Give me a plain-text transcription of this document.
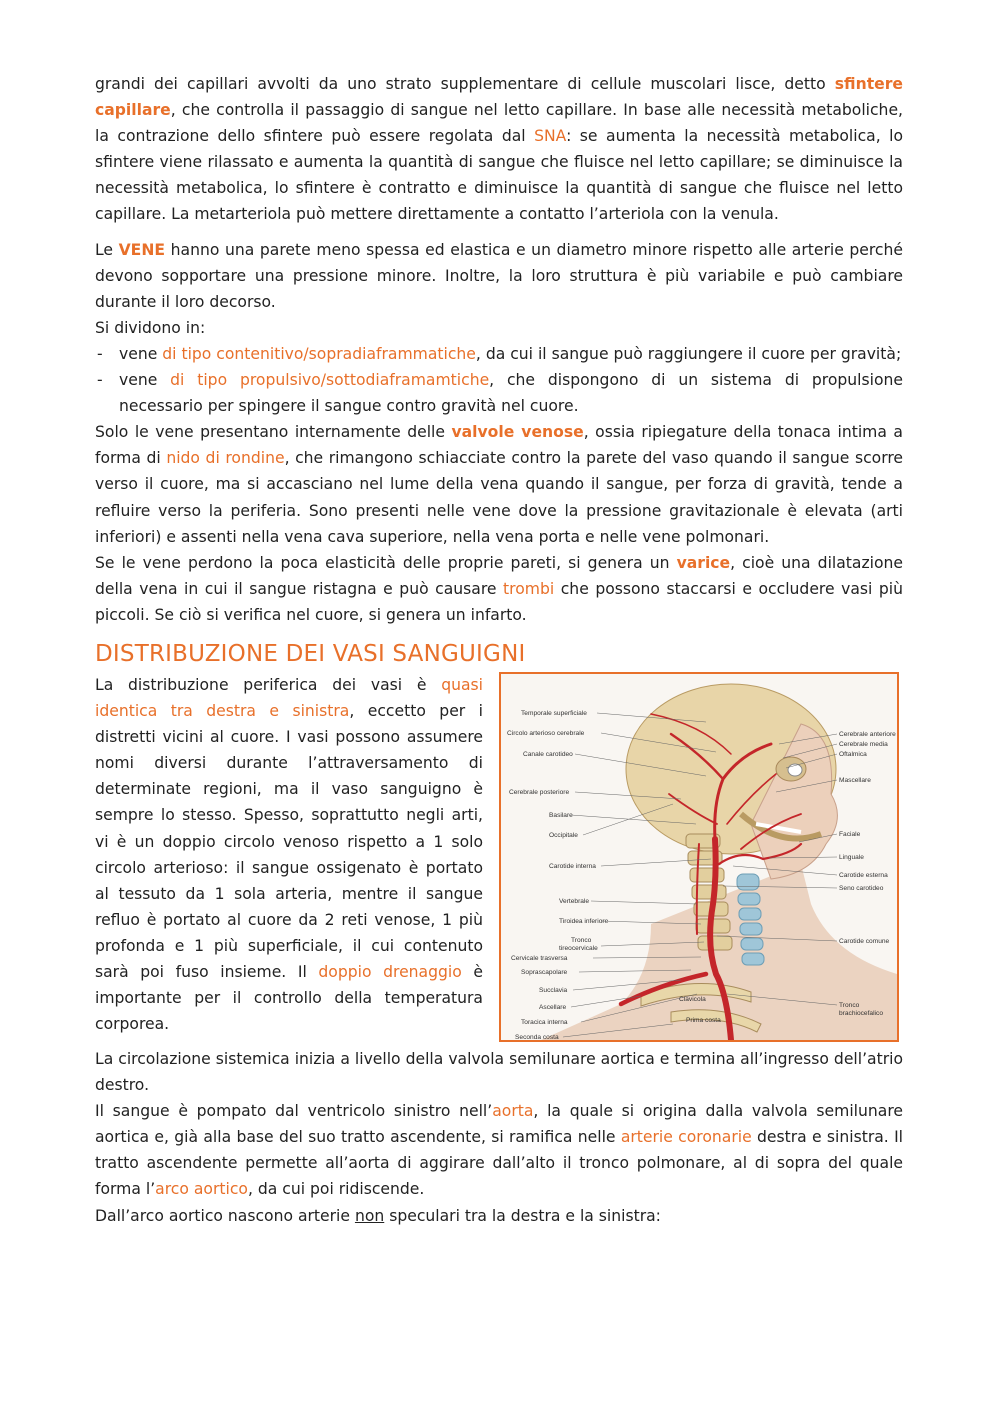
grandi dei capillari avvolti da uno strato supplementare di cellule muscolari lisce, detto sfintere capillare, che controlla il passaggio di sangue nel letto capillare. In base alle necessità metaboliche, la contrazione dello sfintere può essere regolata dal SNA: se aumenta la necessità metabolica, lo sfintere viene rilassato e aumenta la quantità di sangue che fluisce nel letto capillare; se diminuisce la necessità metabolica, lo sfintere è contratto e diminuisce la quantità di sangue che fluisce nel letto capillare. La metarteriola può mettere direttamente a contatto l’arteriola con la venula.

Le VENE hanno una parete meno spessa ed elastica e un diametro minore rispetto alle arterie perché devono sopportare una pressione minore. Inoltre, la loro struttura è più variabile e può cambiare durante il loro decorso.

Si dividono in:

- vene di tipo contenitivo/sopradiaframmatiche, da cui il sangue può raggiungere il cuore per gravità;
- vene di tipo propulsivo/sottodiaframamtiche, che dispongono di un sistema di propulsione necessario per spingere il sangue contro gravità nel cuore.

Solo le vene presentano internamente delle valvole venose, ossia ripiegature della tonaca intima a forma di nido di rondine, che rimangono schiacciate contro la parete del vaso quando il sangue scorre verso il cuore, ma si accasciano nel lume della vena quando il sangue, per forza di gravità, tende a refluire verso la periferia. Sono presenti nelle vene dove la pressione gravitazionale è elevata (arti inferiori) e assenti nella vena cava superiore, nella vena porta e nelle vene polmonari.

Se le vene perdono la poca elasticità delle proprie pareti, si genera un varice, cioè una dilatazione della vena in cui il sangue ristagna e può causare trombi che possono staccarsi e occludere vasi più piccoli. Se ciò si verifica nel cuore, si genera un infarto.

DISTRIBUZIONE DEI VASI SANGUIGNI

La distribuzione periferica dei vasi è quasi identica tra destra e sinistra, eccetto per i distretti vicini al cuore. I vasi possono assumere nomi diversi durante l’attraversamento di determinate regioni, ma il vaso sanguigno è sempre lo stesso. Spesso, soprattutto negli arti, vi è un doppio circolo venoso rispetto a 1 solo circolo arterioso: il sangue ossigenato è portato al tessuto da 1 sola arteria, mentre il sangue refluo è portato al cuore da 2 reti venose, 1 più profonda e 1 più superficiale, il cui contenuto sarà poi fuso insieme. Il doppio drenaggio è importante per il controllo della temperatura corporea.

Clavicola
Prima costa
Temporale superficiale
Circolo arterioso cerebrale
Canale carotideo
Cerebrale posteriore
Basilare
Occipitale
Carotide interna
Vertebrale
Tiroidea inferiore
Tronco
tireocervicale
Cervicale trasversa
Soprascapolare
Succlavia
Ascellare
Toracica interna
Seconda costa
Cerebrale anteriore
Cerebrale media
Oftalmica
Mascellare
Faciale
Linguale
Carotide esterna
Seno carotideo
Carotide comune
Tronco
brachiocefalico

La circolazione sistemica inizia a livello della valvola semilunare aortica e termina all’ingresso dell’atrio destro.

Il sangue è pompato dal ventricolo sinistro nell’aorta, la quale si origina dalla valvola semilunare aortica e, già alla base del suo tratto ascendente, si ramifica nelle arterie coronarie destra e sinistra. Il tratto ascendente permette all’aorta di aggirare dall’alto il tronco polmonare, al di sopra del quale forma l’arco aortico, da cui poi ridiscende.

Dall’arco aortico nascono arterie non speculari tra la destra e la sinistra:
